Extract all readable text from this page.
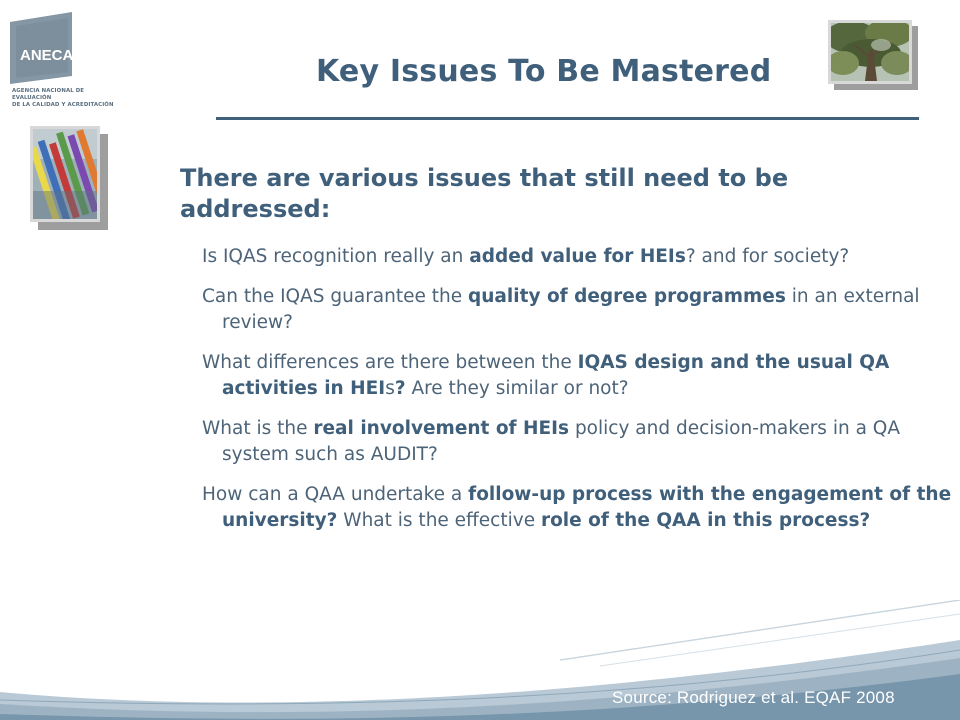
ANECA
AGENCIA NACIONAL DE EVALUACIÓN
DE LA CALIDAD Y ACREDITACIÓN
Key Issues To Be Mastered
There are various issues that still need to be addressed:
Is IQAS recognition really an added value for HEIs? and for society?
Can the IQAS guarantee the quality of degree programmes in an external review?
What differences are there between the IQAS design and the usual QA activities in HEIs? Are they similar or not?
What is the real involvement of HEIs policy and decision-makers in a QA system such as AUDIT?
How can a QAA undertake a follow-up process with the engagement of the university? What is the effective role of the QAA in this process?
Source: Rodriguez et al. EQAF 2008
